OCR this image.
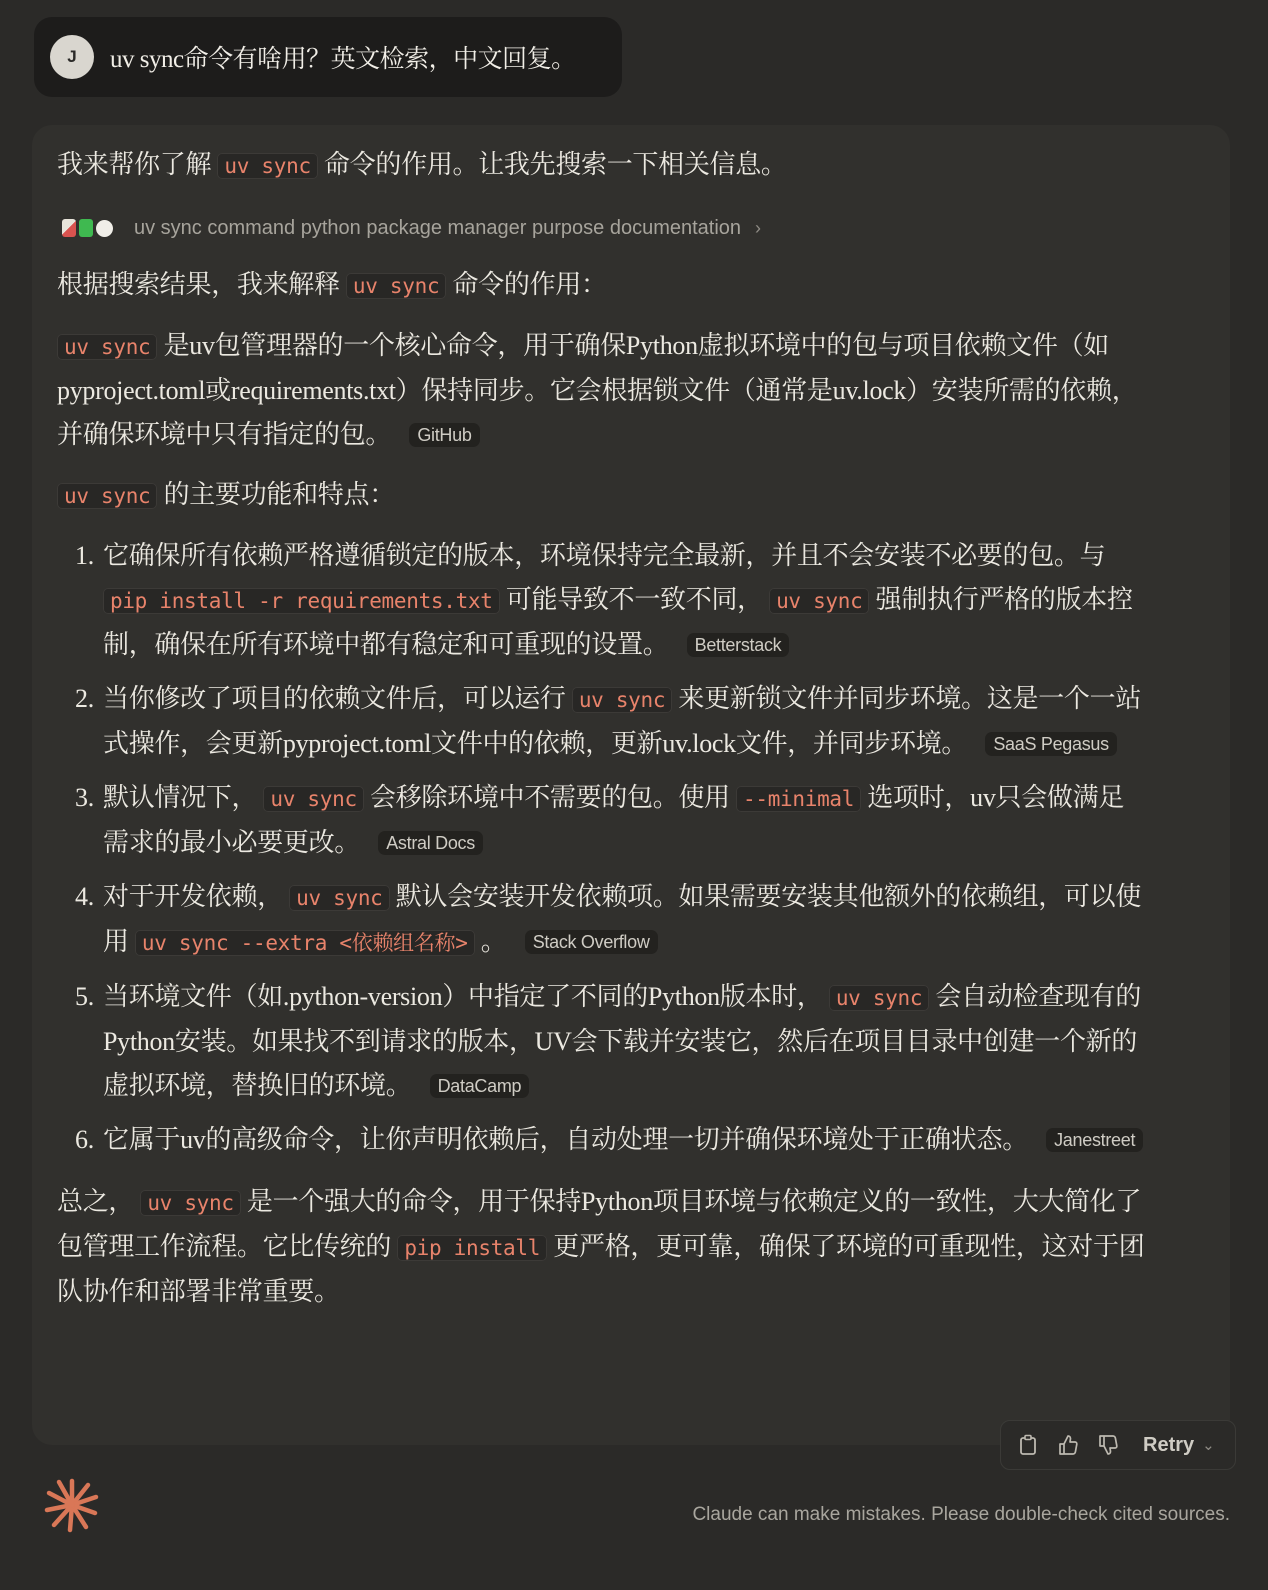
J	uv sync命令有啥用？英文检索，中文回复。
我来帮你了解 uv sync 命令的作用。让我先搜索一下相关信息。
uv sync command python package manager purpose documentation ›
根据搜索结果，我来解释 uv sync 命令的作用：
uv sync 是uv包管理器的一个核心命令，用于确保Python虚拟环境中的包与项目依赖文件（如pyproject.toml或requirements.txt）保持同步。它会根据锁文件（通常是uv.lock）安装所需的依赖，并确保环境中只有指定的包。 GitHub
uv sync 的主要功能和特点：
1. 它确保所有依赖严格遵循锁定的版本，环境保持完全最新，并且不会安装不必要的包。与 pip install -r requirements.txt 可能导致不一致不同， uv sync 强制执行严格的版本控制，确保在所有环境中都有稳定和可重现的设置。 Betterstack
2. 当你修改了项目的依赖文件后，可以运行 uv sync 来更新锁文件并同步环境。这是一个一站式操作，会更新pyproject.toml文件中的依赖，更新uv.lock文件，并同步环境。 SaaS Pegasus
3. 默认情况下， uv sync 会移除环境中不需要的包。使用 --minimal 选项时，uv只会做满足需求的最小必要更改。 Astral Docs
4. 对于开发依赖， uv sync 默认会安装开发依赖项。如果需要安装其他额外的依赖组，可以使用 uv sync --extra <依赖组名称> 。 Stack Overflow
5. 当环境文件（如.python-version）中指定了不同的Python版本时， uv sync 会自动检查现有的Python安装。如果找不到请求的版本，UV会下载并安装它，然后在项目目录中创建一个新的虚拟环境，替换旧的环境。 DataCamp
6. 它属于uv的高级命令，让你声明依赖后，自动处理一切并确保环境处于正确状态。 Janestreet
总之， uv sync 是一个强大的命令，用于保持Python项目环境与依赖定义的一致性，大大简化了包管理工作流程。它比传统的 pip install 更严格，更可靠，确保了环境的可重现性，这对于团队协作和部署非常重要。
Retry ⌄
Claude can make mistakes. Please double-check cited sources.
